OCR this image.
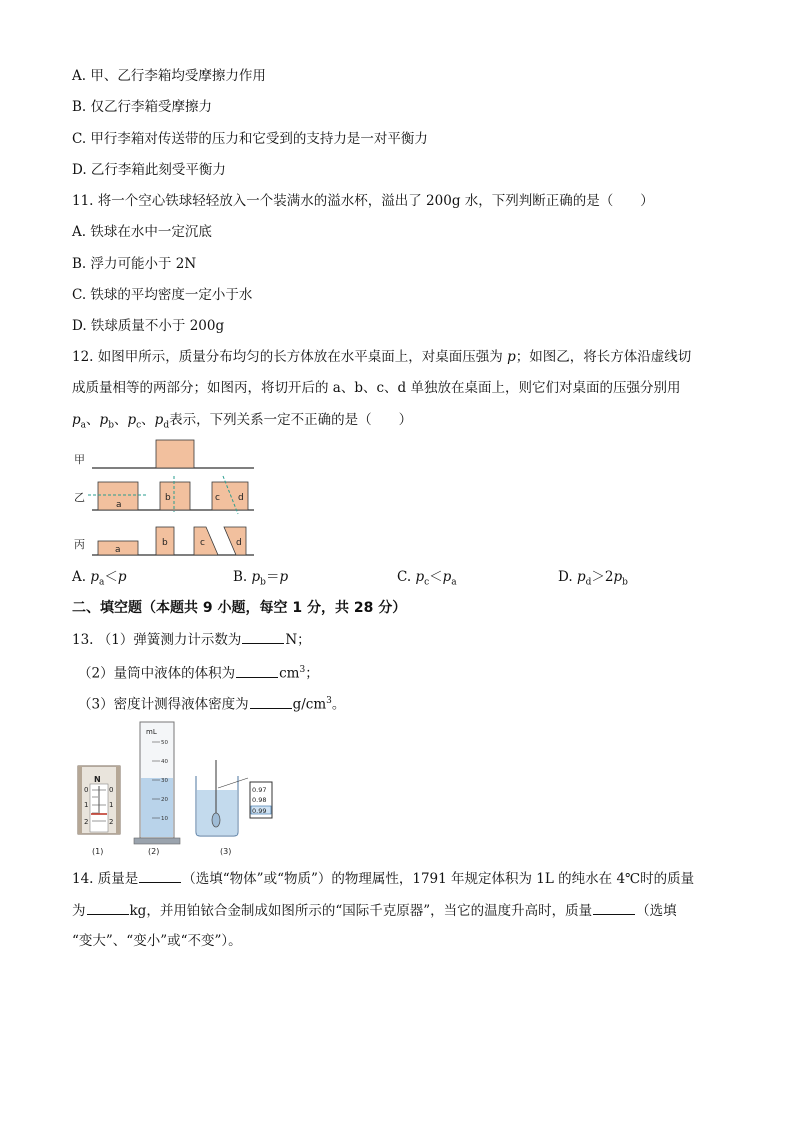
A. 甲、乙行李箱均受摩擦力作用
B. 仅乙行李箱受摩擦力
C. 甲行李箱对传送带的压力和它受到的支持力是一对平衡力
D. 乙行李箱此刻受平衡力
11. 将一个空心铁球轻轻放入一个装满水的溢水杯，溢出了 200g 水，下列判断正确的是（　　）
A. 铁球在水中一定沉底
B. 浮力可能小于 2N
C. 铁球的平均密度一定小于水
D. 铁球质量不小于 200g
12. 如图甲所示，质量分布均匀的长方体放在水平桌面上，对桌面压强为 p；如图乙，将长方体沿虚线切
成质量相等的两部分；如图丙，将切开后的 a、b、c、d 单独放在桌面上，则它们对桌面的压强分别用
$p_a$、$p_b$、$p_c$、$p_d$表示，下列关系一定不正确的是（　　）
甲
乙
a
b	c d
丙	a
b	c	d
A. $p_a<p$	B. $p_b=p$	C. $p_c<p_a$	D. $p_d>2p_b$
二、填空题（本题共 9 小题，每空 1 分，共 28 分）
13. （1）弹簧测力计示数为	N；
（2）量筒中液体的体积为	$cm^3$；
（3）密度计测得液体密度为	$g/cm^3$。
N
0
1
2
0
1
2
(1)
mL
50
40
30
20
10
(2)
0.97
0.98
0.99
(3)
14. 质量是	（选填“物体”或“物质”）的物理属性，1791 年规定体积为 1L 的纯水在 4℃时的质量
为	kg，并用铂铱合金制成如图所示的“国际千克原器”，当它的温度升高时，质量	（选填
“变大”、“变小”或“不变”）。
